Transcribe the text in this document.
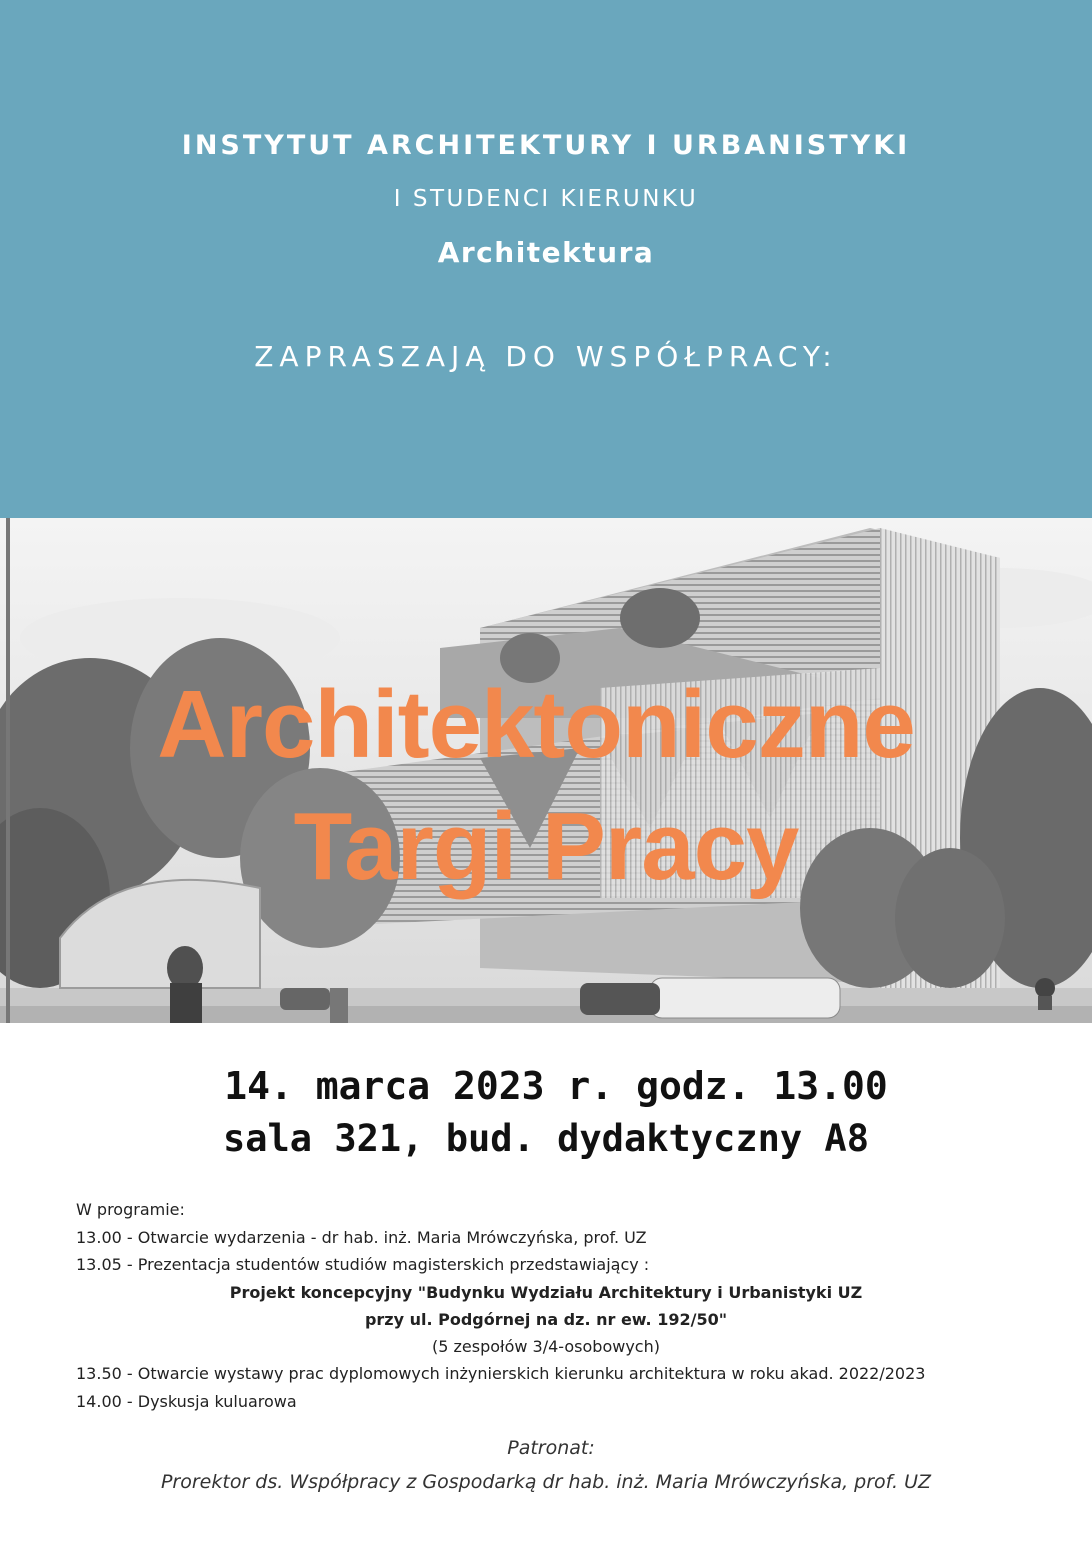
INSTYTUT ARCHITEKTURY I URBANISTYKI
I STUDENCI KIERUNKU
Architektura
ZAPRASZAJĄ DO WSPÓŁPRACY:
Architektoniczne
Targi Pracy
14. marca 2023 r. godz. 13.00
sala 321, bud. dydaktyczny A8
W programie:
13.00 - Otwarcie wydarzenia - dr hab. inż. Maria Mrówczyńska, prof. UZ
13.05 - Prezentacja studentów studiów magisterskich przedstawiający :
Projekt koncepcyjny "Budynku Wydziału Architektury i Urbanistyki UZ
przy ul. Podgórnej na dz. nr ew. 192/50"
(5 zespołów 3/4-osobowych)
13.50 - Otwarcie wystawy prac dyplomowych inżynierskich kierunku architektura w roku akad. 2022/2023
14.00 - Dyskusja kuluarowa
Patronat:
Prorektor ds. Współpracy z Gospodarką dr hab. inż. Maria Mrówczyńska, prof. UZ
